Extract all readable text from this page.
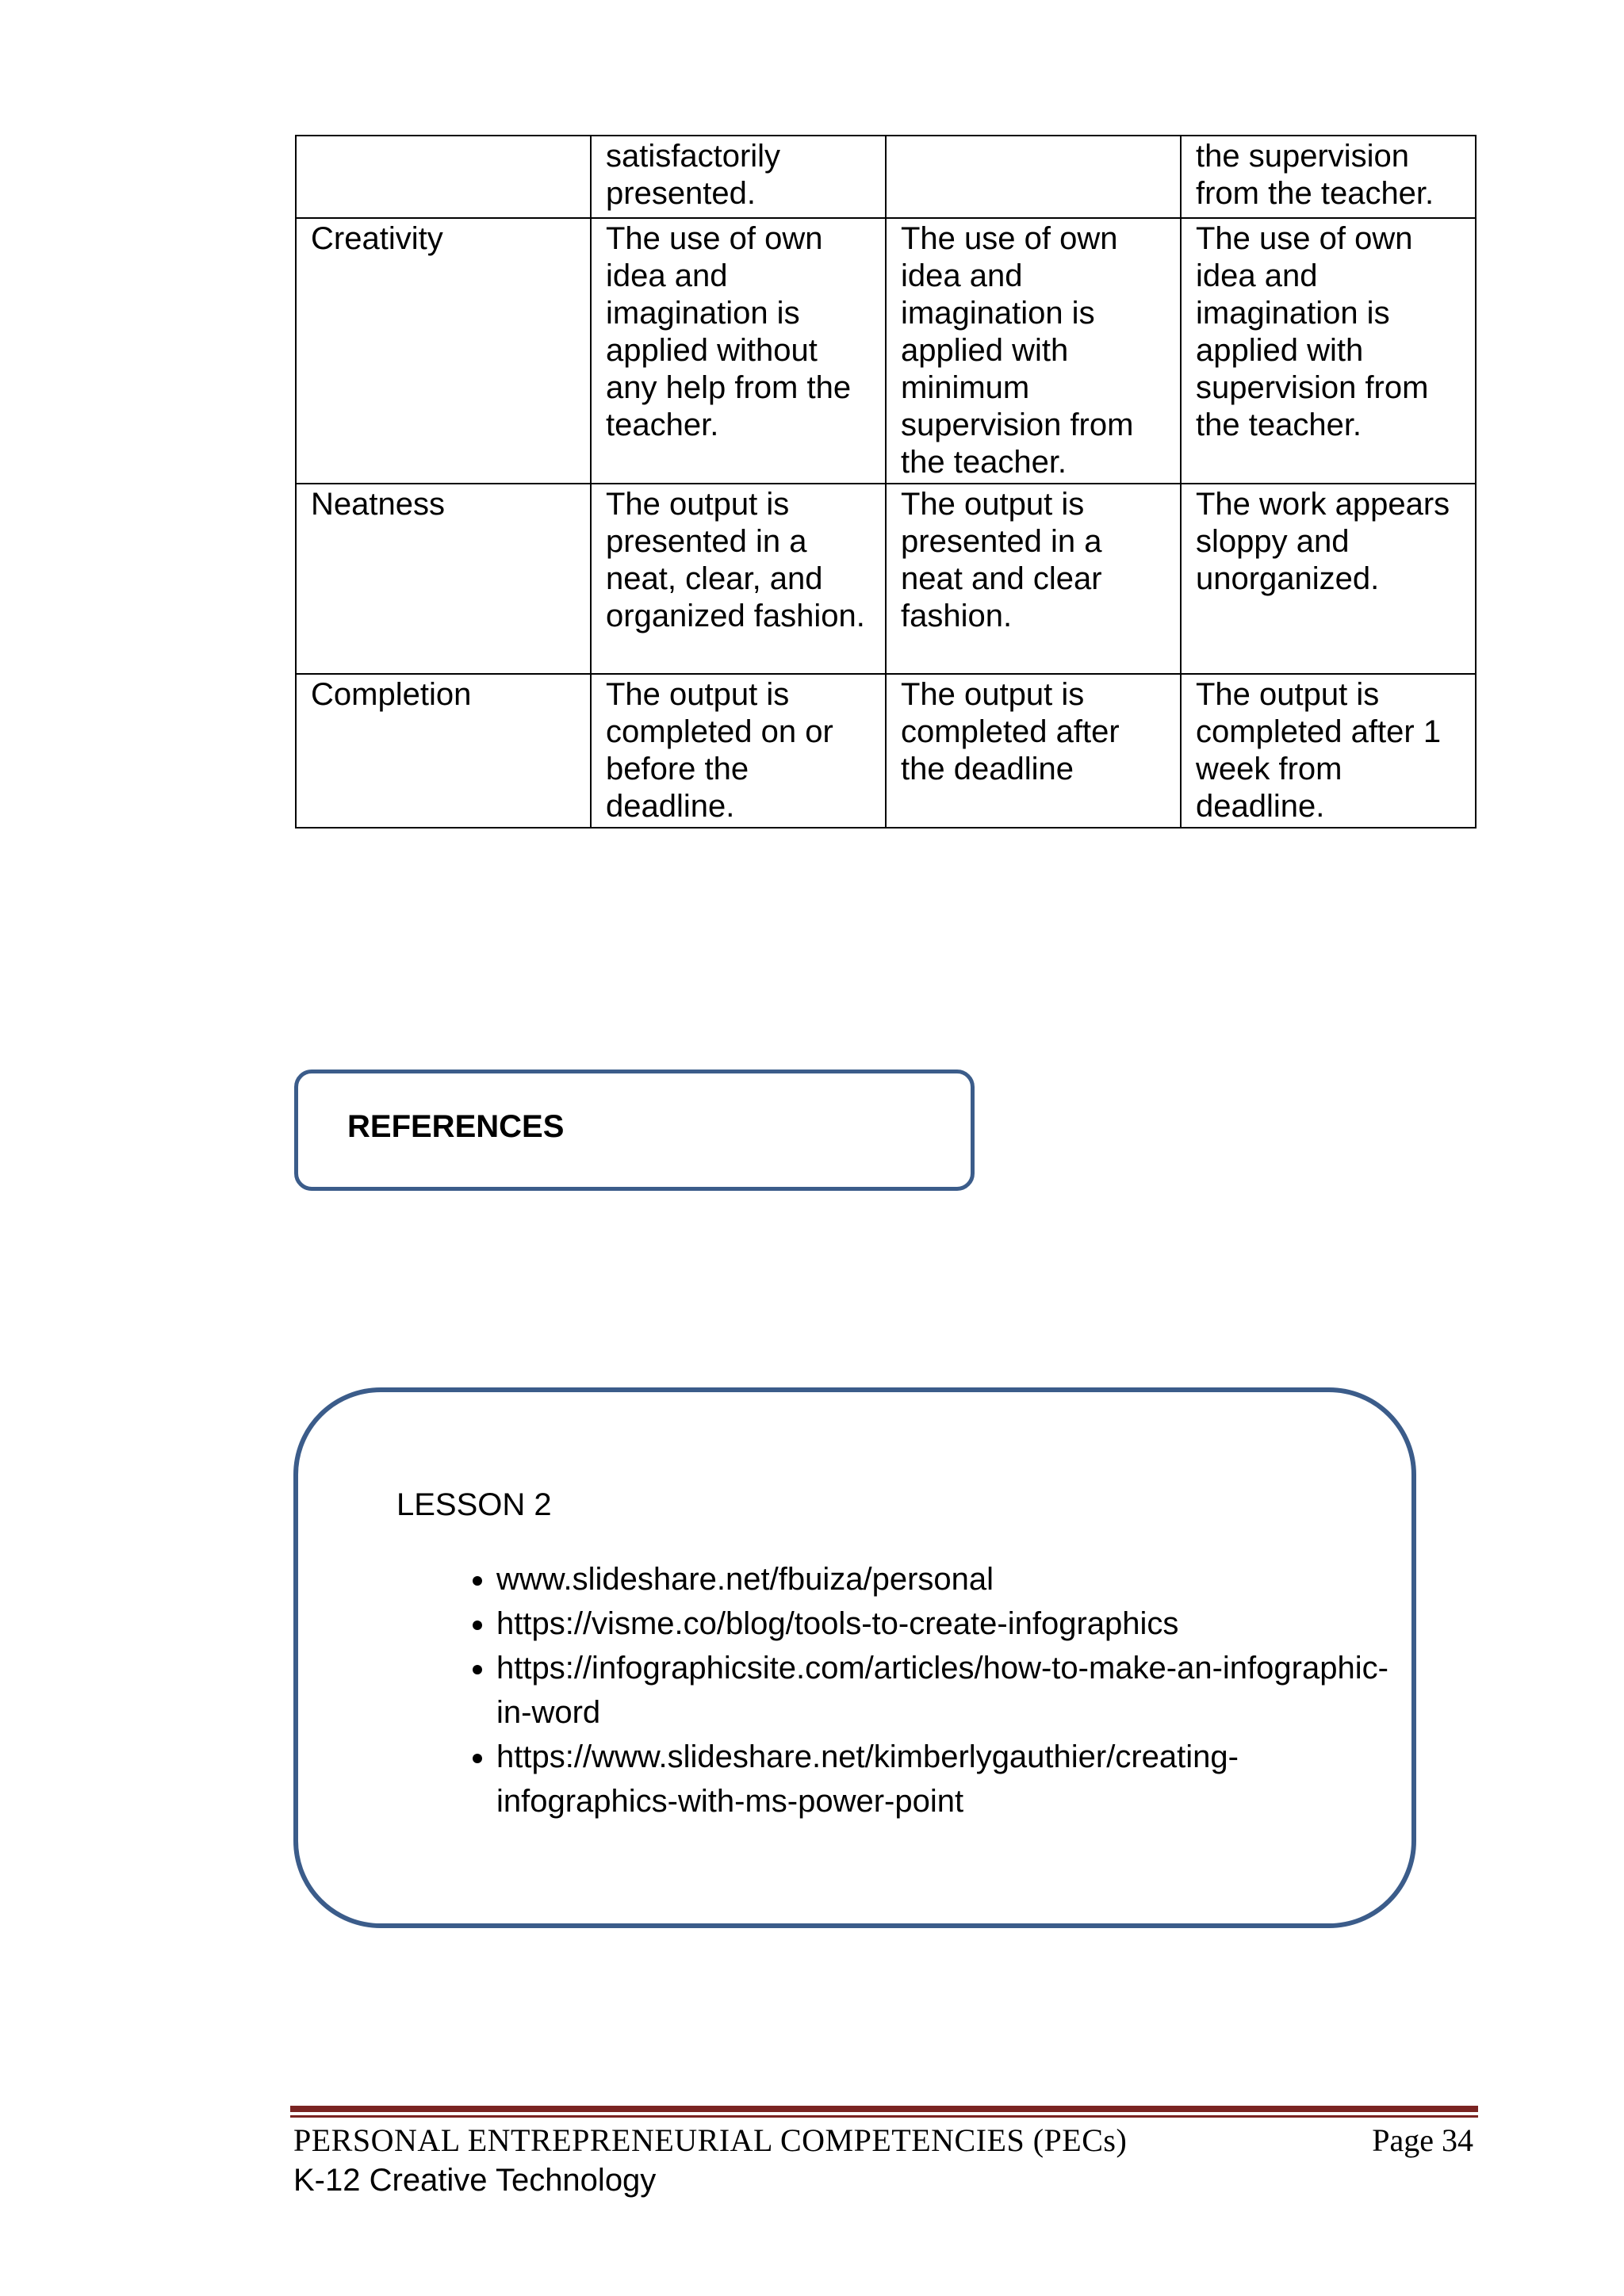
	satisfactorily presented.		the supervision from the teacher.
Creativity	The use of own idea and imagination is applied without any help from the teacher.	The use of own idea and imagination is applied with minimum supervision from the teacher.	The use of own idea and imagination is applied with supervision from the teacher.
Neatness	The output is presented in a neat, clear, and organized fashion.	The output is presented in a neat and clear fashion.	The work appears sloppy and unorganized.
Completion	The output is completed on or before the deadline.	The output is completed after the deadline	The output is completed after 1 week from deadline.
REFERENCES
LESSON 2
• www.slideshare.net/fbuiza/personal
• https://visme.co/blog/tools-to-create-infographics
• https://infographicsite.com/articles/how-to-make-an-infographic-in-word
• https://www.slideshare.net/kimberlygauthier/creating-infographics-with-ms-power-point
PERSONAL ENTREPRENEURIAL COMPETENCIES (PECs)	Page 34
K-12 Creative Technology
